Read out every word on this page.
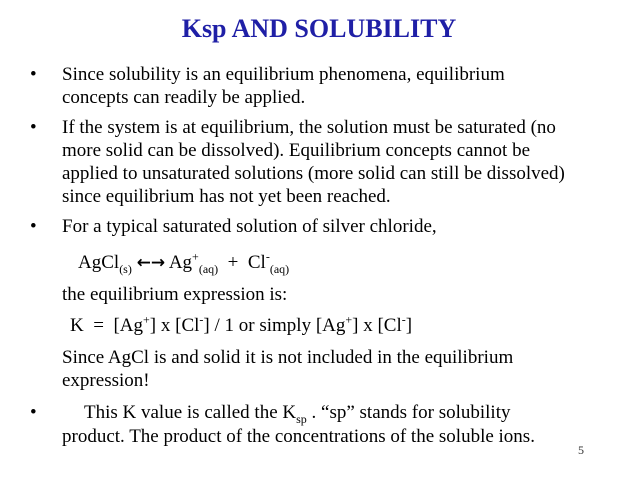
Ksp AND SOLUBILITY
• Since solubility is an equilibrium phenomena, equilibrium
concepts can readily be applied.
• If the system is at equilibrium, the solution must be saturated (no
more solid can be dissolved). Equilibrium concepts cannot be
applied to unsaturated solutions (more solid can still be dissolved)
since equilibrium has not yet been reached.
• For a typical saturated solution of silver chloride,
AgCl$_{(s)}$ ←→ $Ag^+_{(aq)} + Cl^-_{(aq)}$
the equilibrium expression is:
K = [Ag+] x [Cl-] / 1 or simply [Ag+] x [Cl-]
Since AgCl is and solid it is not included in the equilibrium
expression!
• This K value is called the $K_{sp}$ . “sp” stands for solubility
product. The product of the concentrations of the soluble ions.
5
